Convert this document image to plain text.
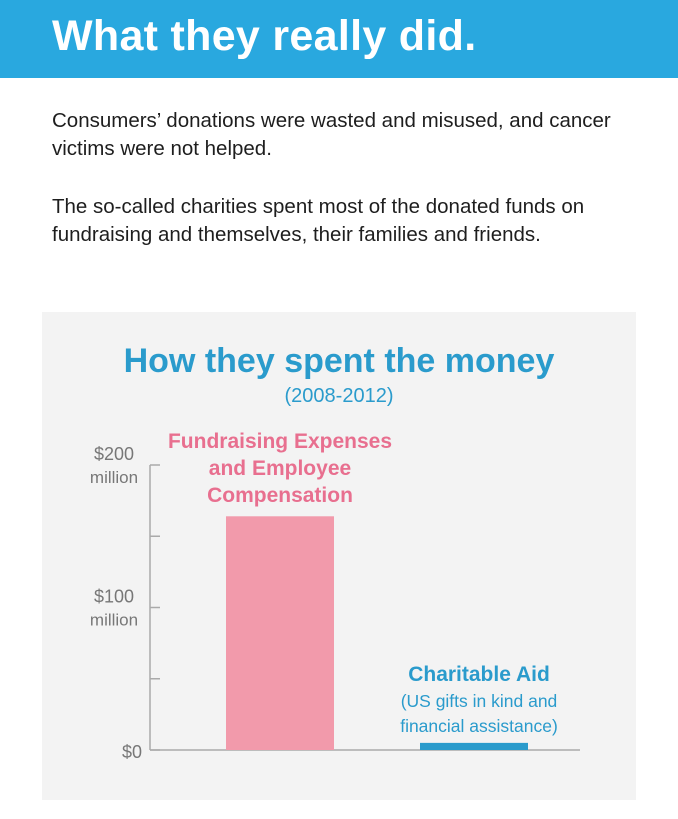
What they really did.

Consumers’ donations were wasted and misused, and cancer victims were not helped.

The so-called charities spent most of the donated funds on fundraising and themselves, their families and friends.

How they spent the money
(2008-2012)
$0
$100
million
$200
million
Fundraising Expenses
and Employee
Compensation
Charitable Aid
(US gifts in kind and
financial assistance)
